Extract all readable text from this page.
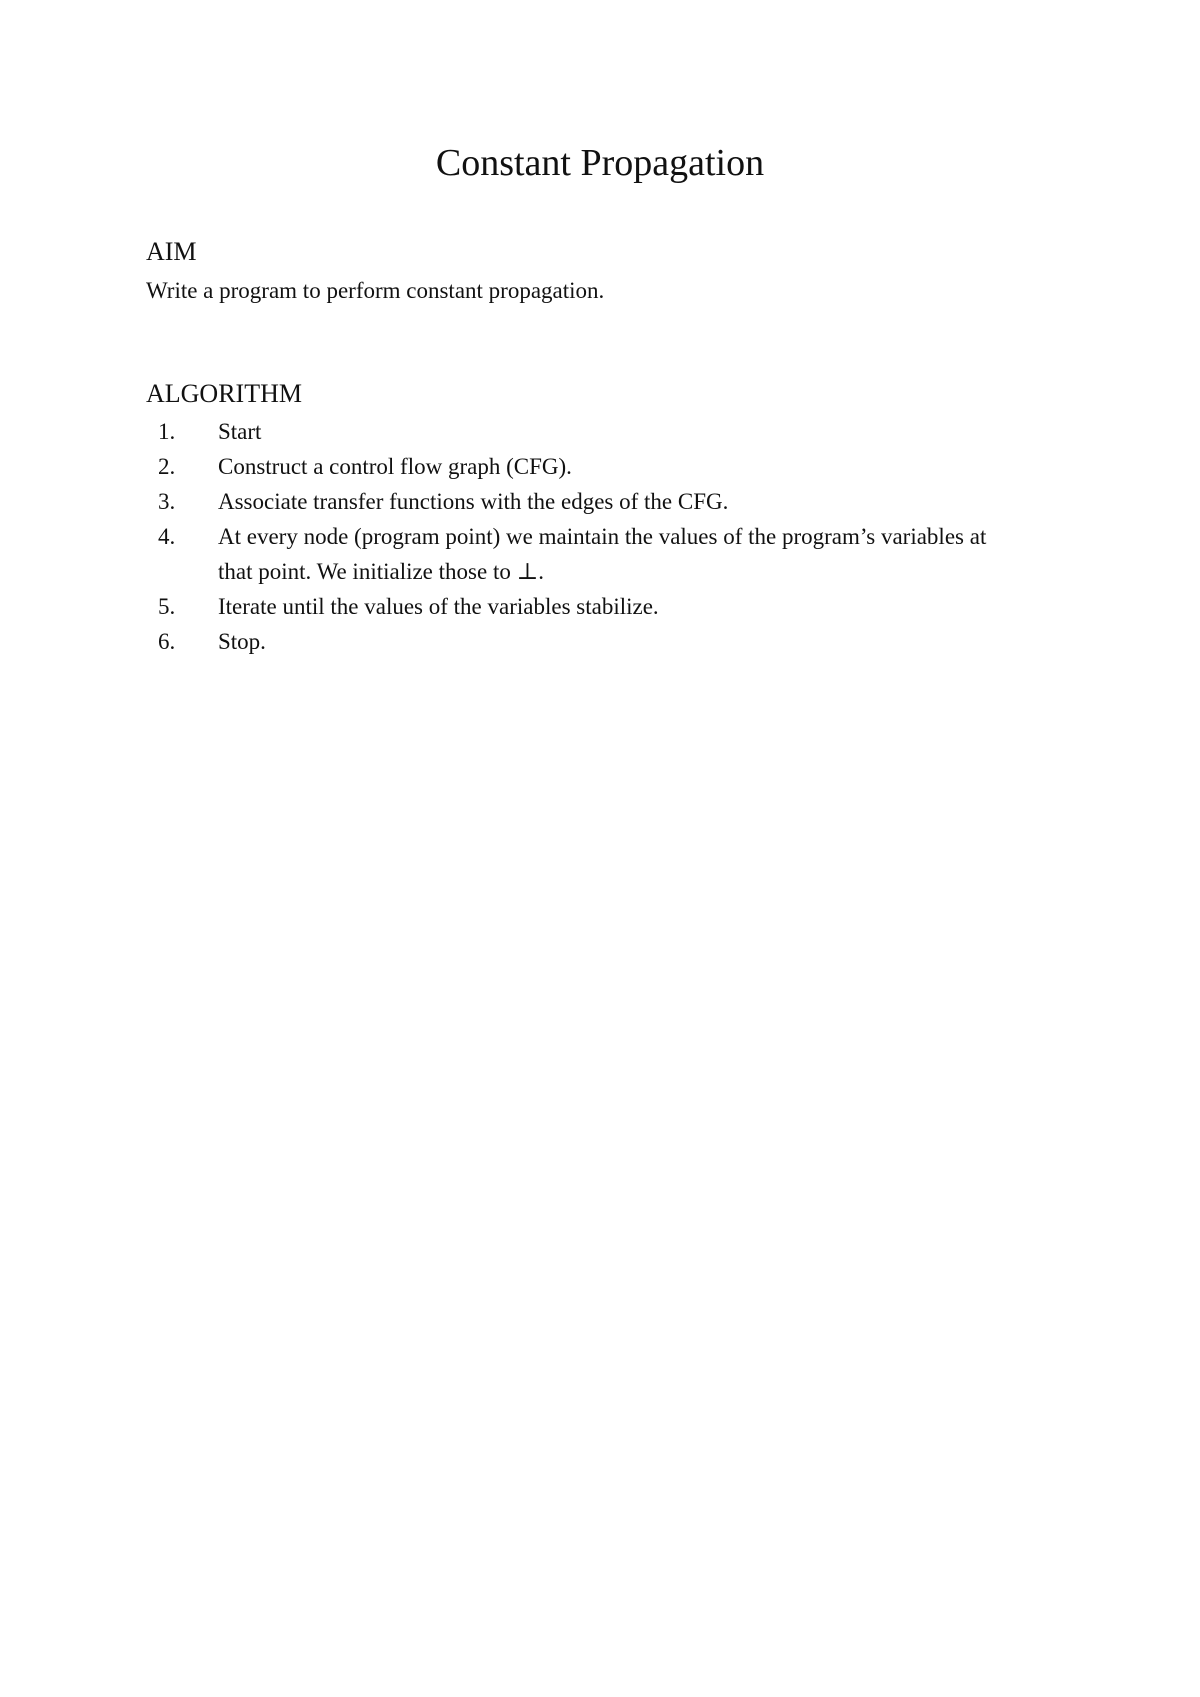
Constant Propagation
AIM

Write a program to perform constant propagation.

ALGORITHM
1.	Start
2.	Construct a control flow graph (CFG).
3.	Associate transfer functions with the edges of the CFG.
4.	At every node (program point) we maintain the values of the program’s variables at that point. We initialize those to ⊥.
5.	Iterate until the values of the variables stabilize.
6.	Stop.
